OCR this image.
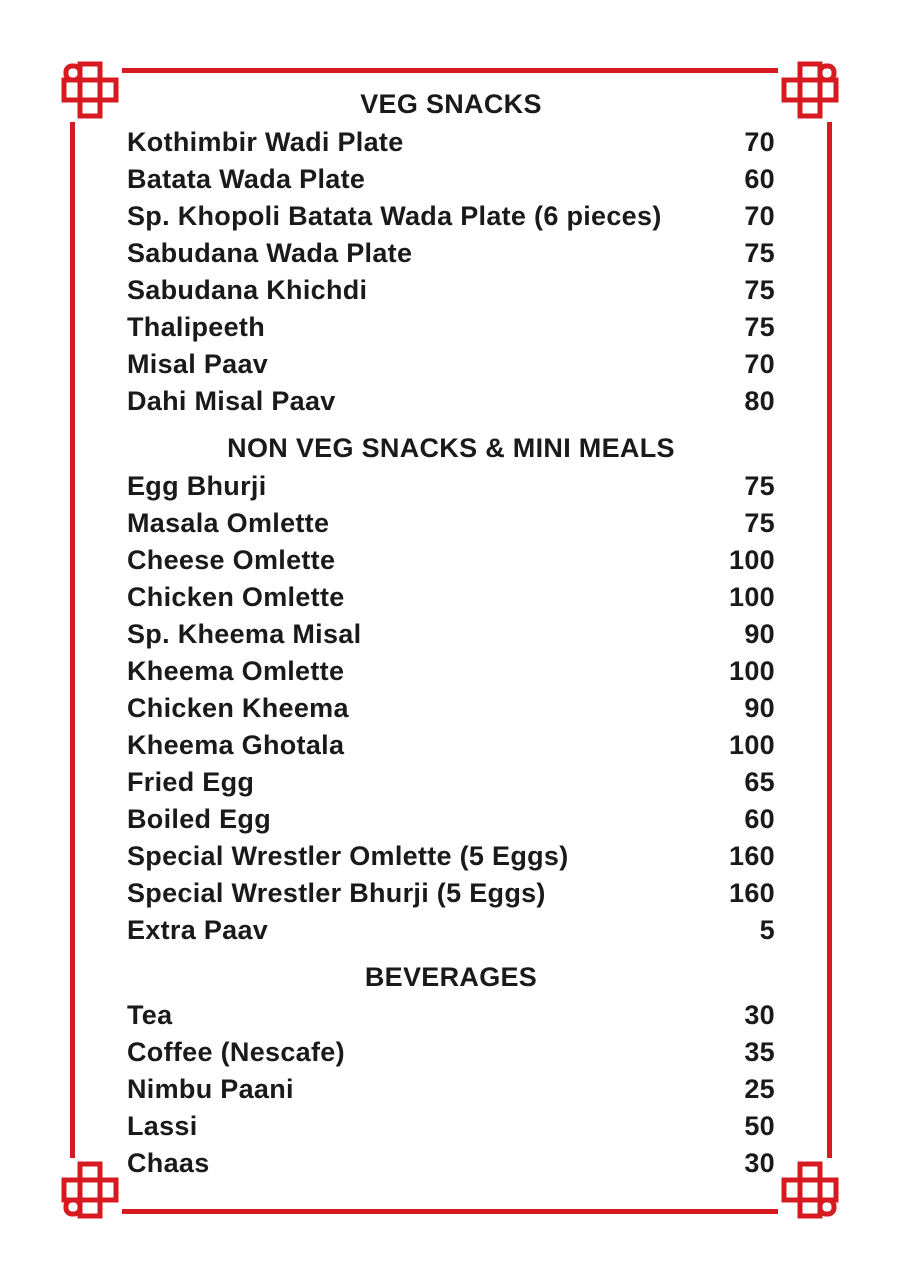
VEG SNACKS
Kothimbir Wadi Plate	70
Batata Wada Plate	60
Sp. Khopoli Batata Wada Plate (6 pieces)	70
Sabudana Wada Plate	75
Sabudana Khichdi	75
Thalipeeth	75
Misal Paav	70
Dahi Misal Paav	80
NON VEG SNACKS & MINI MEALS
Egg Bhurji	75
Masala Omlette	75
Cheese Omlette	100
Chicken Omlette	100
Sp. Kheema Misal	90
Kheema Omlette	100
Chicken Kheema	90
Kheema Ghotala	100
Fried Egg	65
Boiled Egg	60
Special Wrestler Omlette (5 Eggs)	160
Special Wrestler Bhurji (5 Eggs)	160
Extra Paav	5
BEVERAGES
Tea	30
Coffee (Nescafe)	35
Nimbu Paani	25
Lassi	50
Chaas	30
